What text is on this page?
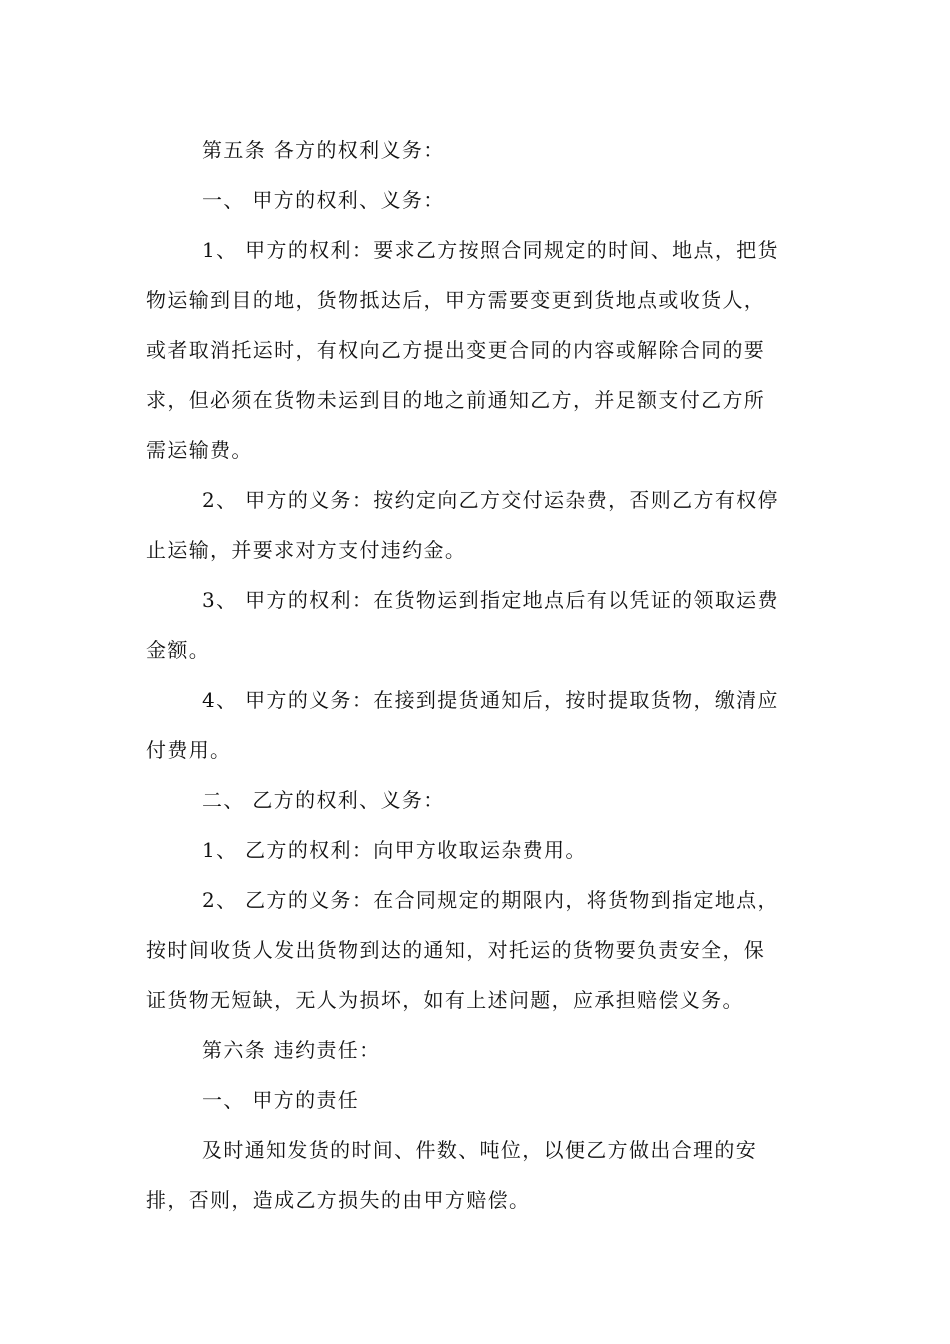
第五条 各方的权利义务：
一、 甲方的权利、义务：
1、 甲方的权利：要求乙方按照合同规定的时间、地点，把货
物运输到目的地，货物抵达后，甲方需要变更到货地点或收货人，
或者取消托运时，有权向乙方提出变更合同的内容或解除合同的要
求，但必须在货物未运到目的地之前通知乙方，并足额支付乙方所
需运输费。
2、 甲方的义务：按约定向乙方交付运杂费，否则乙方有权停
止运输，并要求对方支付违约金。
3、 甲方的权利：在货物运到指定地点后有以凭证的领取运费
金额。
4、 甲方的义务：在接到提货通知后，按时提取货物，缴清应
付费用。
二、 乙方的权利、义务：
1、 乙方的权利：向甲方收取运杂费用。
2、 乙方的义务：在合同规定的期限内，将货物到指定地点，
按时间收货人发出货物到达的通知，对托运的货物要负责安全，保
证货物无短缺，无人为损坏，如有上述问题，应承担赔偿义务。
第六条 违约责任：
一、 甲方的责任
及时通知发货的时间、件数、吨位，以便乙方做出合理的安
排，否则，造成乙方损失的由甲方赔偿。
